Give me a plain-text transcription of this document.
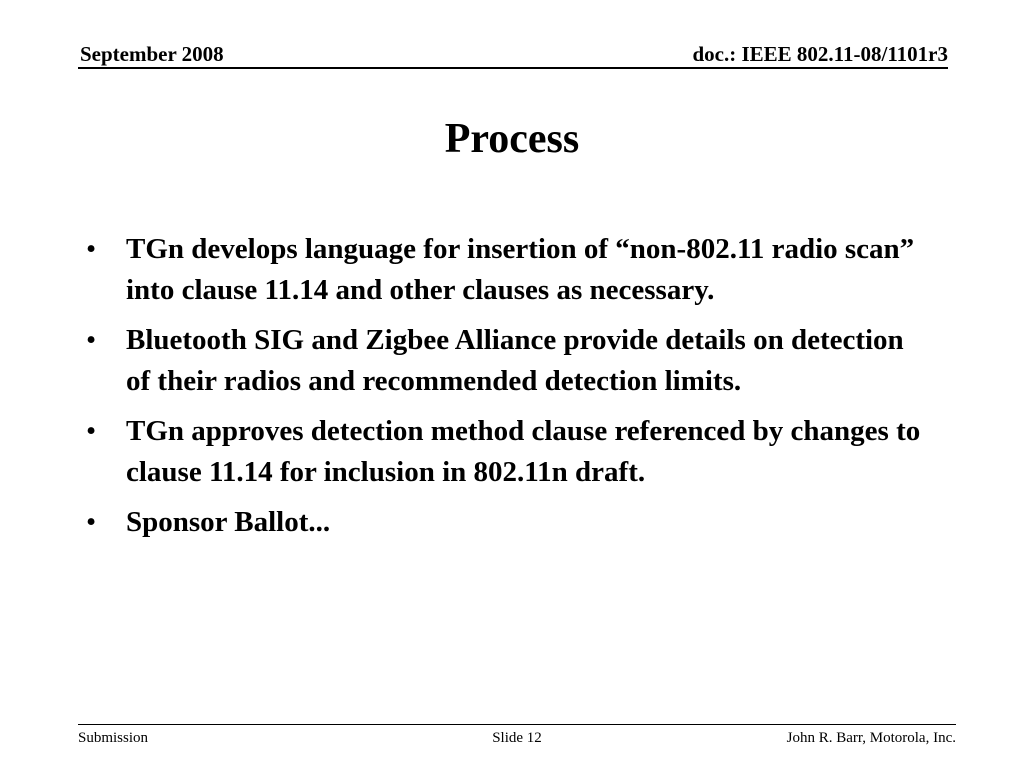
September 2008	doc.: IEEE 802.11-08/1101r3
Process
• TGn develops language for insertion of “non-802.11 radio scan” into clause 11.14 and other clauses as necessary.
• Bluetooth SIG and Zigbee Alliance provide details on detection of their radios and recommended detection limits.
• TGn approves detection method clause referenced by changes to clause 11.14 for inclusion in 802.11n draft.
• Sponsor Ballot...
Submission	Slide 12	John R. Barr, Motorola, Inc.
